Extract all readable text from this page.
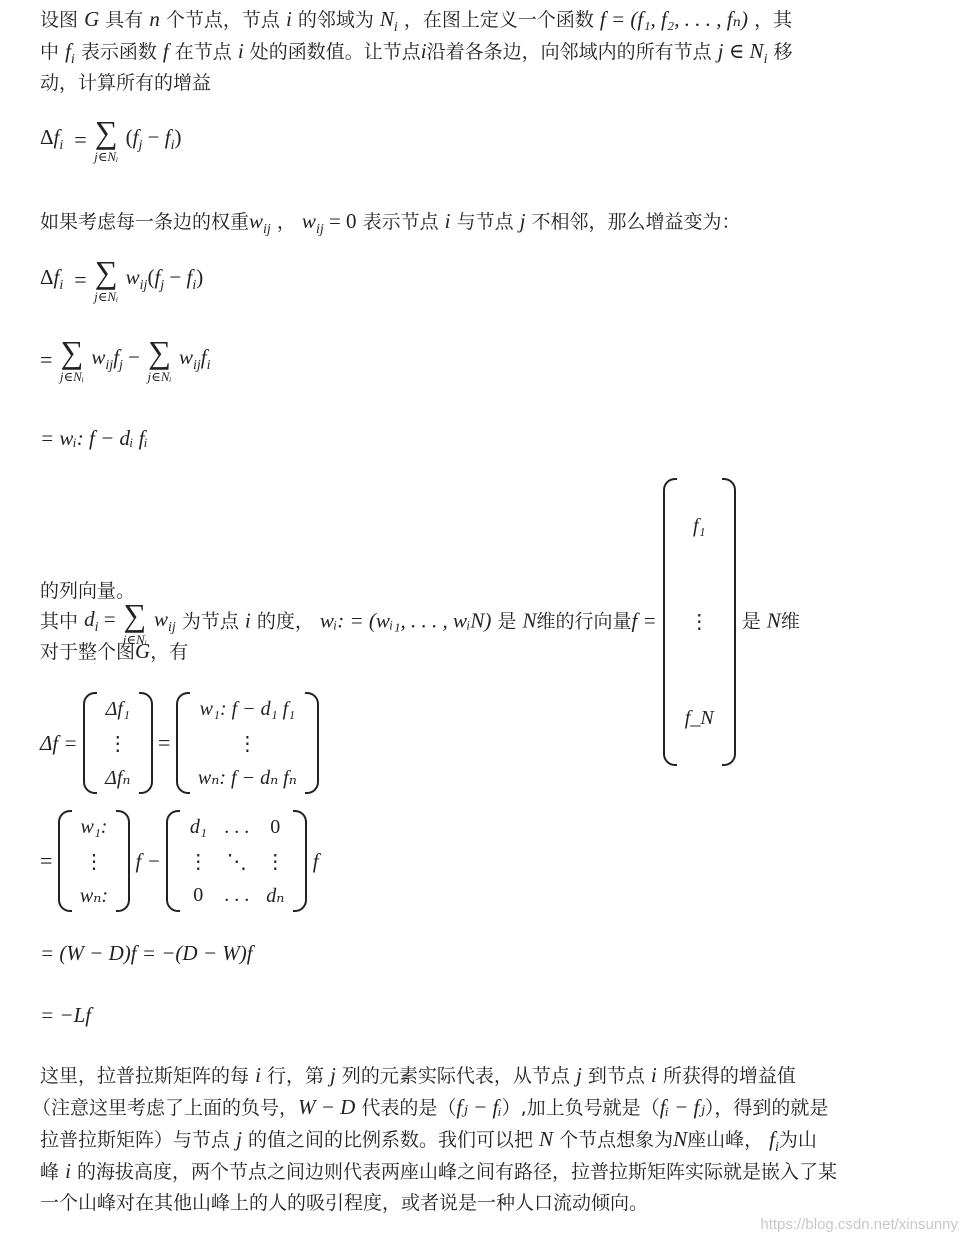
设图 G 具有 n 个节点，节点 i 的邻域为 $N_i$ ，在图上定义一个函数 f = (f₁, f₂, . . . , fₙ) ，其
中 $f_i$ 表示函数 f 在节点 i 处的函数值。让节点i沿着各条边，向邻域内的所有节点 j ∈ $N_i$ 移
动，计算所有的增益
$\Delta f_i$  = ∑
j∈Nᵢ
$(f_j - f_i)$
如果考虑每一条边的权重$w_{ij}$ ， $w_{ij} = 0$ 表示节点 i 与节点 j 不相邻，那么增益变为：
$\Delta f_i$  = ∑
j∈Nᵢ
$w_{ij}(f_j - f_i)$
= ∑
j∈Nᵢ
$w_{ij}f_j$ − ∑
j∈Nᵢ
$w_{ij}f_i$
= wᵢ: f − dᵢ fᵢ
其中 $d_i$ = ∑
j∈Nᵢ
$w_{ij}$ 为节点 i 的度， wᵢ: = (wᵢ₁, . . . , wᵢN) 是 N维的行向量f =
f₁
⋮
f_N
是 N维
的列向量。
对于整个图G，有
Δf =
Δf₁
⋮
Δfₙ
=
w₁: f − d₁ f₁
⋮
wₙ: f − dₙ fₙ
=
w₁:
⋮
wₙ:
f −
d₁	. . .	0
⋮	⋱	⋮
0	. . .	dₙ
f
= (W − D)f = −(D − W)f
= −Lf
这里，拉普拉斯矩阵的每 i 行，第 j 列的元素实际代表，从节点 j 到节点 i 所获得的增益值
（注意这里考虑了上面的负号，W − D 代表的是（fⱼ − fᵢ）,加上负号就是（fᵢ − fⱼ），得到的就是
拉普拉斯矩阵）与节点 j 的值之间的比例系数。我们可以把 N 个节点想象为N座山峰， $f_i$为山
峰 i 的海拔高度，两个节点之间边则代表两座山峰之间有路径，拉普拉斯矩阵实际就是嵌入了某
一个山峰对在其他山峰上的人的吸引程度，或者说是一种人口流动倾向。
https://blog.csdn.net/xinsunny
